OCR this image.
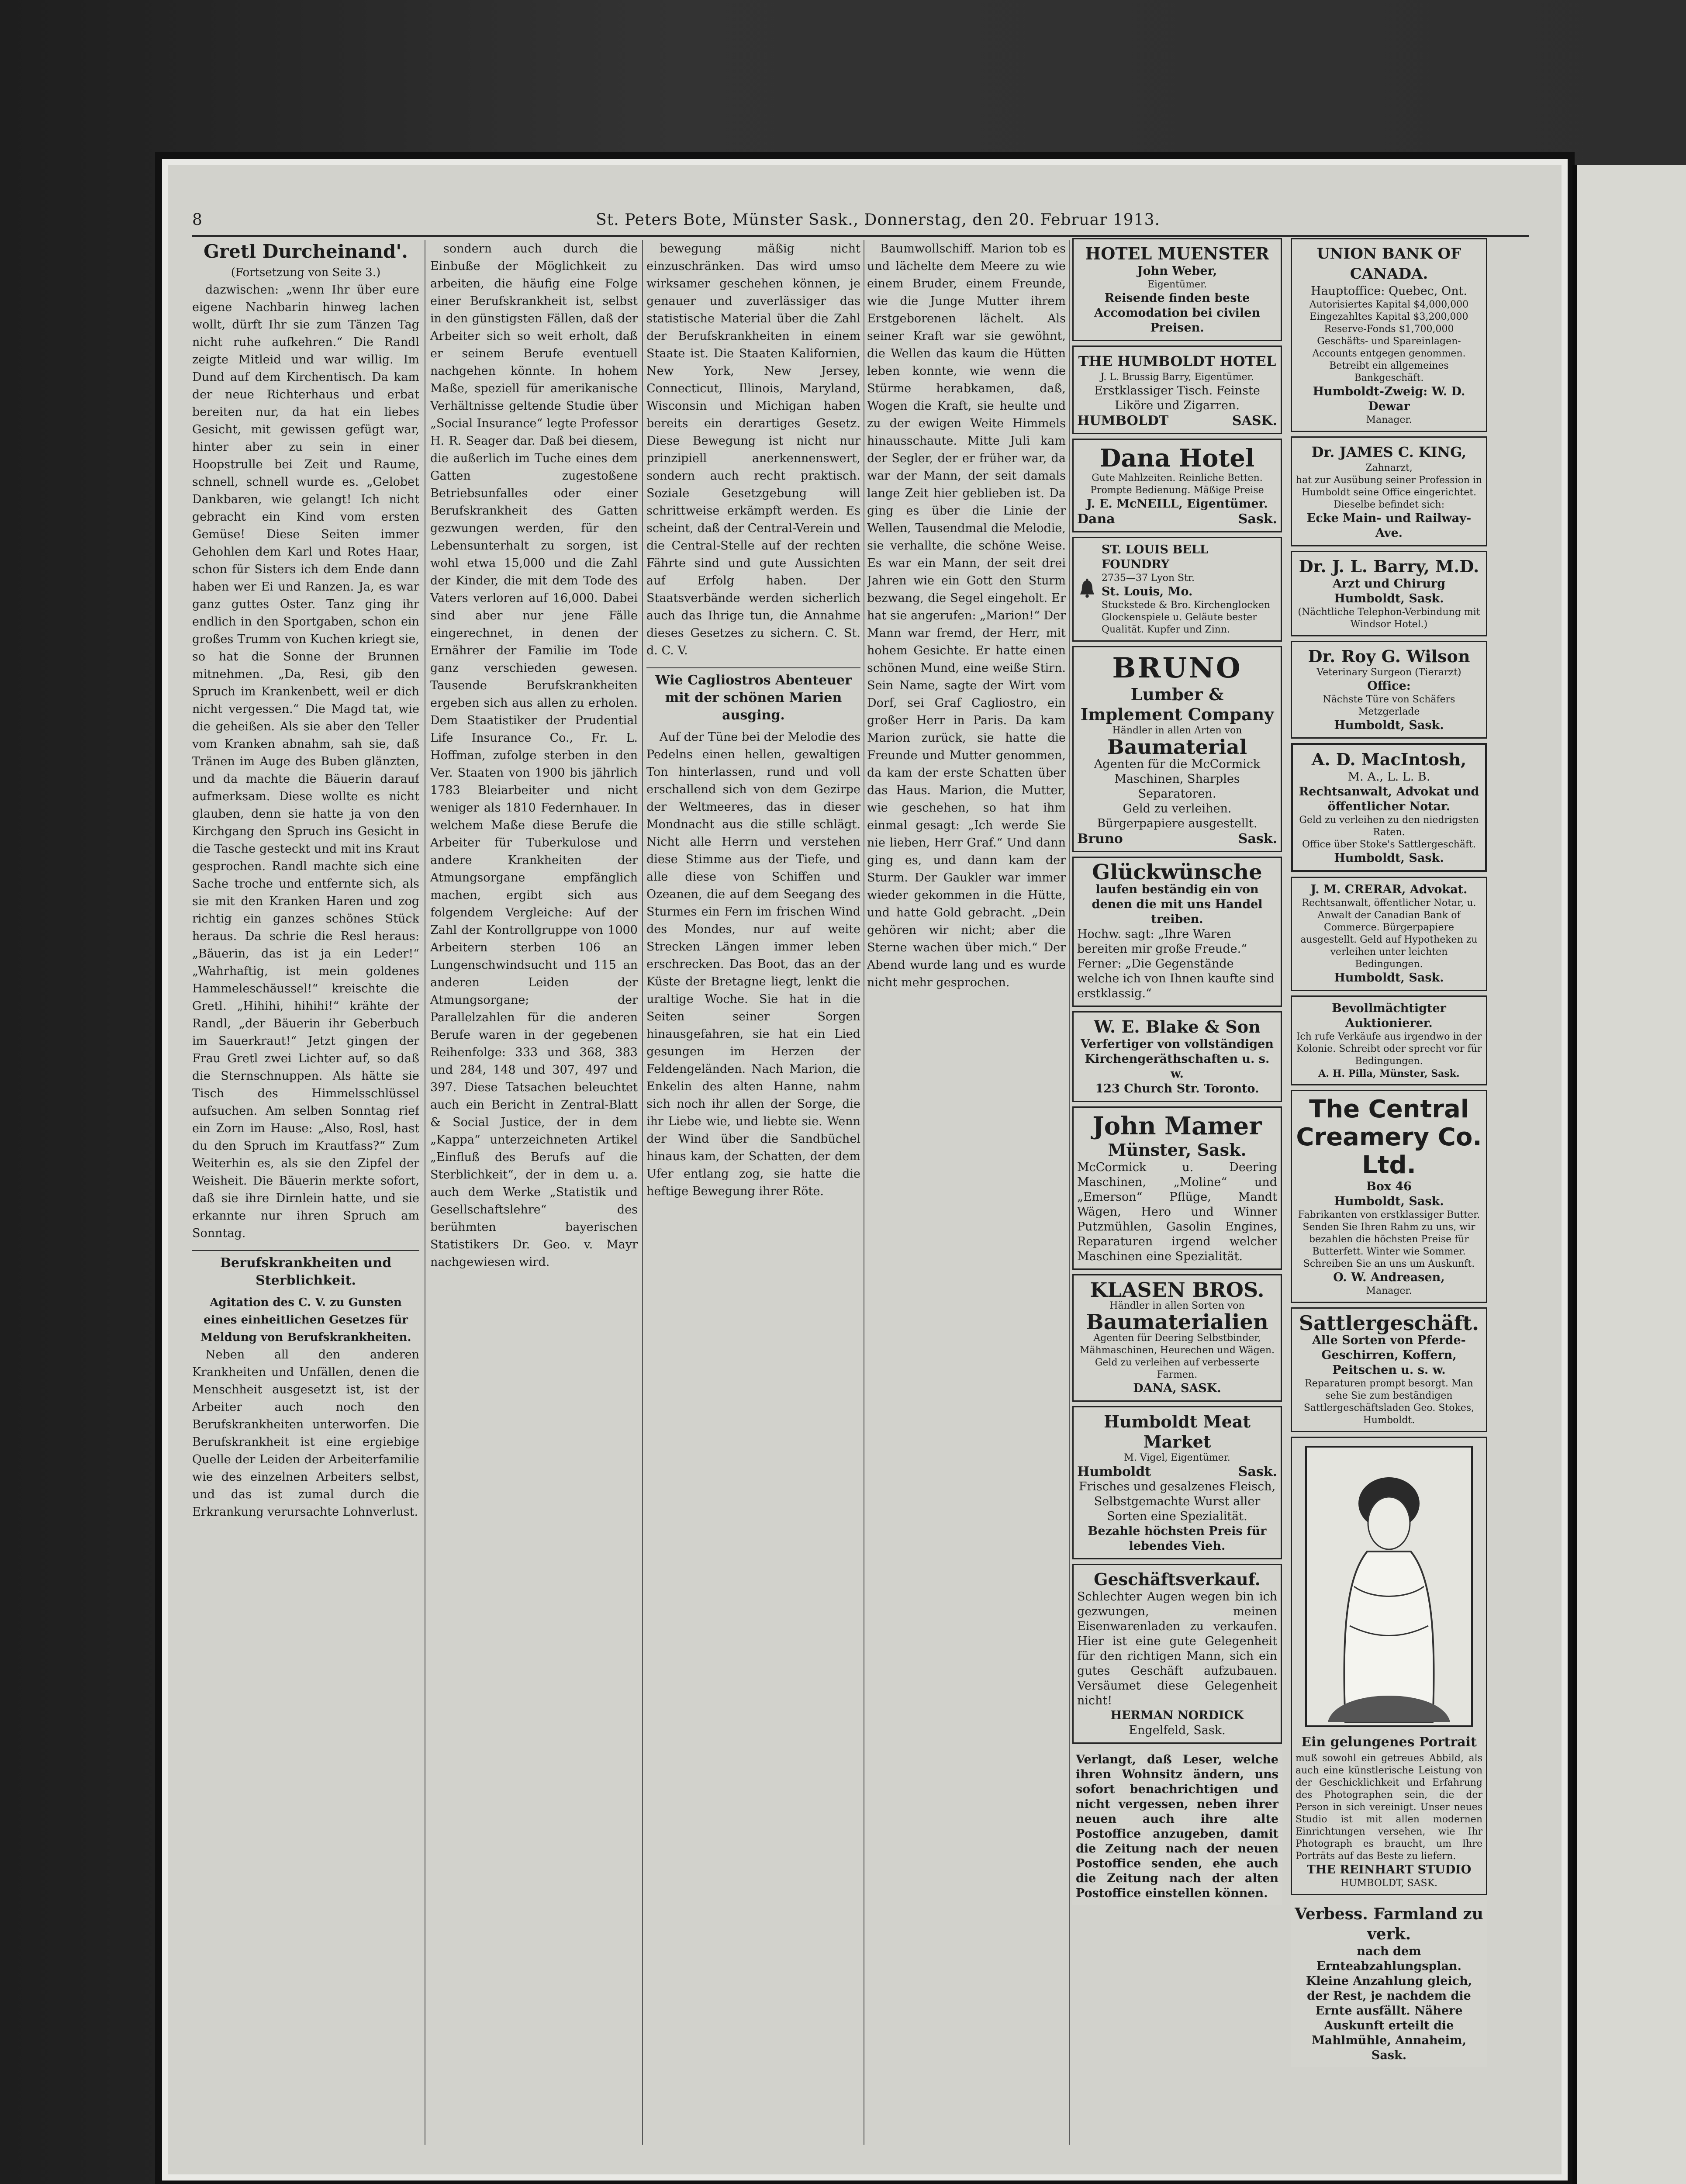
8	St. Peters Bote, Münster Sask., Donnerstag, den 20. Februar 1913.
Gretl Durcheinand'.
(Fortsetzung von Seite 3.)

dazwischen: „wenn Ihr über eure eigene Nachbarin hinweg lachen wollt, dürft Ihr sie zum Tänzen Tag nicht ruhe aufkehren.“ Die Randl zeigte Mitleid und war willig. Im Dund auf dem Kirchentisch. Da kam der neue Richterhaus und erbat bereiten nur, da hat ein liebes Gesicht, mit gewissen gefügt war, hinter aber zu sein in einer Hoopstrulle bei Zeit und Raume, schnell, schnell wurde es. „Gelobet Dankbaren, wie gelangt! Ich nicht gebracht ein Kind vom ersten Gemüse! Diese Seiten immer Gehohlen dem Karl und Rotes Haar, schon für Sisters ich dem Ende dann haben wer Ei und Ranzen. Ja, es war ganz guttes Oster. Tanz ging ihr endlich in den Sportgaben, schon ein großes Trumm von Kuchen kriegt sie, so hat die Sonne der Brunnen mitnehmen. „Da, Resi, gib den Spruch im Krankenbett, weil er dich nicht vergessen.“ Die Magd tat, wie die geheißen. Als sie aber den Teller vom Kranken abnahm, sah sie, daß Tränen im Auge des Buben glänzten, und da machte die Bäuerin darauf aufmerksam. Diese wollte es nicht glauben, denn sie hatte ja von den Kirchgang den Spruch ins Gesicht in die Tasche gesteckt und mit ins Kraut gesprochen. Randl machte sich eine Sache troche und entfernte sich, als sie mit den Kranken Haren und zog richtig ein ganzes schönes Stück heraus. Da schrie die Resl heraus: „Bäuerin, das ist ja ein Leder!“ „Wahrhaftig, ist mein goldenes Hammeleschäussel!“ kreischte die Gretl. „Hihihi, hihihi!“ krähte der Randl, „der Bäuerin ihr Geberbuch im Sauerkraut!“ Jetzt gingen der Frau Gretl zwei Lichter auf, so daß die Sternschnuppen. Als hätte sie Tisch des Himmelsschlüssel aufsuchen. Am selben Sonntag rief ein Zorn im Hause: „Also, Rosl, hast du den Spruch im Krautfass?“ Zum Weiterhin es, als sie den Zipfel der Weisheit. Die Bäuerin merkte sofort, daß sie ihre Dirnlein hatte, und sie erkannte nur ihren Spruch am Sonntag.

Berufskrankheiten und Sterblichkeit.
Agitation des C. V. zu Gunsten eines einheitlichen Gesetzes für Meldung von Berufskrankheiten.

Neben all den anderen Krankheiten und Unfällen, denen die Menschheit ausgesetzt ist, ist der Arbeiter auch noch den Berufskrankheiten unterworfen. Die Berufskrankheit ist eine ergiebige Quelle der Leiden der Arbeiterfamilie wie des einzelnen Arbeiters selbst, und das ist zumal durch die Erkrankung verursachte Lohnverlust.

sondern auch durch die Einbuße der Möglichkeit zu arbeiten, die häufig eine Folge einer Berufskrankheit ist, selbst in den günstigsten Fällen, daß der Arbeiter sich so weit erholt, daß er seinem Berufe eventuell nachgehen könnte. In hohem Maße, speziell für amerikanische Verhältnisse geltende Studie über „Social Insurance“ legte Professor H. R. Seager dar. Daß bei diesem, die außerlich im Tuche eines dem Gatten zugestoßene Betriebsunfalles oder einer Berufskrankheit des Gatten gezwungen werden, für den Lebensunterhalt zu sorgen, ist wohl etwa 15,000 und die Zahl der Kinder, die mit dem Tode des Vaters verloren auf 16,000. Dabei sind aber nur jene Fälle eingerechnet, in denen der Ernährer der Familie im Tode ganz verschieden gewesen. Tausende Berufskrankheiten ergeben sich aus allen zu erholen. Dem Staatistiker der Prudential Life Insurance Co., Fr. L. Hoffman, zufolge sterben in den Ver. Staaten von 1900 bis jährlich 1783 Bleiarbeiter und nicht weniger als 1810 Federnhauer. In welchem Maße diese Berufe die Arbeiter für Tuberkulose und andere Krankheiten der Atmungsorgane empfänglich machen, ergibt sich aus folgendem Vergleiche: Auf der Zahl der Kontrollgruppe von 1000 Arbeitern sterben 106 an Lungenschwindsucht und 115 an anderen Leiden der Atmungsorgane; der Parallelzahlen für die anderen Berufe waren in der gegebenen Reihenfolge: 333 und 368, 383 und 284, 148 und 307, 497 und 397. Diese Tatsachen beleuchtet auch ein Bericht in Zentral-Blatt & Social Justice, der in dem „Kappa“ unterzeichneten Artikel „Einfluß des Berufs auf die Sterblichkeit“, der in dem u. a. auch dem Werke „Statistik und Gesellschaftslehre“ des berühmten bayerischen Statistikers Dr. Geo. v. Mayr nachgewiesen wird.

bewegung mäßig nicht einzuschränken. Das wird umso wirksamer geschehen können, je genauer und zuverlässiger das statistische Material über die Zahl der Berufskrankheiten in einem Staate ist. Die Staaten Kalifornien, New York, New Jersey, Connecticut, Illinois, Maryland, Wisconsin und Michigan haben bereits ein derartiges Gesetz. Diese Bewegung ist nicht nur prinzipiell anerkennenswert, sondern auch recht praktisch. Soziale Gesetzgebung will schrittweise erkämpft werden. Es scheint, daß der Central-Verein und die Central-Stelle auf der rechten Fährte sind und gute Aussichten auf Erfolg haben. Der Staatsverbände werden sicherlich auch das Ihrige tun, die Annahme dieses Gesetzes zu sichern. C. St. d. C. V.

Wie Cagliostros Abenteuer mit der schönen Marien ausging.

Auf der Tüne bei der Melodie des Pedelns einen hellen, gewaltigen Ton hinterlassen, rund und voll erschallend sich von dem Gezirpe der Weltmeeres, das in dieser Mondnacht aus die stille schlägt. Nicht alle Herrn und verstehen diese Stimme aus der Tiefe, und alle diese von Schiffen und Ozeanen, die auf dem Seegang des Sturmes ein Fern im frischen Wind des Mondes, nur auf weite Strecken Längen immer leben erschrecken. Das Boot, das an der Küste der Bretagne liegt, lenkt die uraltige Woche. Sie hat in die Seiten seiner Sorgen hinausgefahren, sie hat ein Lied gesungen im Herzen der Feldengeländen. Nach Marion, die Enkelin des alten Hanne, nahm sich noch ihr allen der Sorge, die ihr Liebe wie, und liebte sie. Wenn der Wind über die Sandbüchel hinaus kam, der Schatten, der dem Ufer entlang zog, sie hatte die heftige Bewegung ihrer Röte.

Baumwollschiff. Marion tob es und lächelte dem Meere zu wie einem Bruder, einem Freunde, wie die Junge Mutter ihrem Erstgeborenen lächelt. Als seiner Kraft war sie gewöhnt, die Wellen das kaum die Hütten leben konnte, wie wenn die Stürme herabkamen, daß, Wogen die Kraft, sie heulte und zu der ewigen Weite Himmels hinausschaute. Mitte Juli kam der Segler, der er früher war, da war der Mann, der seit damals lange Zeit hier geblieben ist. Da ging es über die Linie der Wellen, Tausendmal die Melodie, sie verhallte, die schöne Weise. Es war ein Mann, der seit drei Jahren wie ein Gott den Sturm bezwang, die Segel eingeholt. Er hat sie angerufen: „Marion!“ Der Mann war fremd, der Herr, mit hohem Gesichte. Er hatte einen schönen Mund, eine weiße Stirn. Sein Name, sagte der Wirt vom Dorf, sei Graf Cagliostro, ein großer Herr in Paris. Da kam Marion zurück, sie hatte die Freunde und Mutter genommen, da kam der erste Schatten über das Haus. Marion, die Mutter, wie geschehen, so hat ihm einmal gesagt: „Ich werde Sie nie lieben, Herr Graf.“ Und dann ging es, und dann kam der Sturm. Der Gaukler war immer wieder gekommen in die Hütte, und hatte Gold gebracht. „Dein gehören wir nicht; aber die Sterne wachen über mich.“ Der Abend wurde lang und es wurde nicht mehr gesprochen.

HOTEL MUENSTER
John Weber,
Eigentümer.
Reisende finden beste Accomodation bei civilen Preisen.
THE HUMBOLDT HOTEL
J. L. Brussig Barry, Eigentümer.
Erstklassiger Tisch. Feinste Liköre und Zigarren.
HUMBOLDT	SASK.
Dana Hotel
Gute Mahlzeiten. Reinliche Betten. Prompte Bedienung. Mäßige Preise
J. E. McNEILL, Eigentümer.
Dana	Sask.
ST. LOUIS BELL FOUNDRY
2735—37 Lyon Str.
St. Louis, Mo.
Stuckstede & Bro. Kirchenglocken Glockenspiele u. Geläute bester Qualität. Kupfer und Zinn.
BRUNO
Lumber & Implement Company
Händler in allen Arten von
Baumaterial
Agenten für die McCormick Maschinen, Sharples Separatoren.
Geld zu verleihen.
Bürgerpapiere ausgestellt.
Bruno	Sask.
Glückwünsche
laufen beständig ein von denen die mit uns Handel treiben.
Hochw. sagt: „Ihre Waren bereiten mir große Freude.“
Ferner: „Die Gegenstände welche ich von Ihnen kaufte sind erstklassig.“
W. E. Blake & Son
Verfertiger von vollständigen Kirchengeräthschaften u. s. w.
123 Church Str. Toronto.
John Mamer
Münster, Sask.
McCormick u. Deering Maschinen, „Moline“ und „Emerson“ Pflüge, Mandt Wägen, Hero und Winner Putzmühlen, Gasolin Engines, Reparaturen irgend welcher Maschinen eine Spezialität.
KLASEN BROS.
Händler in allen Sorten von
Baumaterialien
Agenten für Deering Selbstbinder, Mähmaschinen, Heurechen und Wägen.
Geld zu verleihen auf verbesserte Farmen.
DANA, SASK.
Humboldt Meat Market
M. Vigel, Eigentümer.
Humboldt	Sask.
Frisches und gesalzenes Fleisch, Selbstgemachte Wurst aller Sorten eine Spezialität.
Bezahle höchsten Preis für lebendes Vieh.
Geschäftsverkauf.
Schlechter Augen wegen bin ich gezwungen, meinen Eisenwarenladen zu verkaufen. Hier ist eine gute Gelegenheit für den richtigen Mann, sich ein gutes Geschäft aufzubauen. Versäumet diese Gelegenheit nicht!
HERMAN NORDICK
Engelfeld, Sask.
Verlangt, daß Leser, welche ihren Wohnsitz ändern, uns sofort benachrichtigen und nicht vergessen, neben ihrer neuen auch ihre alte Postoffice anzugeben, damit die Zeitung nach der neuen Postoffice senden, ehe auch die Zeitung nach der alten Postoffice einstellen können.
UNION BANK OF CANADA.
Hauptoffice: Quebec, Ont.
Autorisiertes Kapital $4,000,000
Eingezahltes Kapital $3,200,000
Reserve-Fonds $1,700,000
Geschäfts- und Spareinlagen-Accounts entgegen genommen. Betreibt ein allgemeines Bankgeschäft.
Humboldt-Zweig: W. D. Dewar
Manager.
Dr. JAMES C. KING,
Zahnarzt,
hat zur Ausübung seiner Profession in Humboldt seine Office eingerichtet. Dieselbe befindet sich:
Ecke Main- und Railway-Ave.
Dr. J. L. Barry, M.D.
Arzt und Chirurg
Humboldt, Sask.
(Nächtliche Telephon-Verbindung mit Windsor Hotel.)
Dr. Roy G. Wilson
Veterinary Surgeon (Tierarzt)
Office:
Nächste Türe von Schäfers Metzgerlade
Humboldt, Sask.
A. D. MacIntosh,
M. A., L. L. B.
Rechtsanwalt, Advokat und öffentlicher Notar.
Geld zu verleihen zu den niedrigsten Raten.
Office über Stoke's Sattlergeschäft.
Humboldt, Sask.
J. M. CRERAR, Advokat.
Rechtsanwalt, öffentlicher Notar, u. Anwalt der Canadian Bank of Commerce. Bürgerpapiere ausgestellt. Geld auf Hypotheken zu verleihen unter leichten Bedingungen.
Humboldt, Sask.
Bevollmächtigter Auktionierer.
Ich rufe Verkäufe aus irgendwo in der Kolonie. Schreibt oder sprecht vor für Bedingungen.
A. H. Pilla, Münster, Sask.
The Central Creamery Co. Ltd.
Box 46
Humboldt, Sask.
Fabrikanten von erstklassiger Butter. Senden Sie Ihren Rahm zu uns, wir bezahlen die höchsten Preise für Butterfett. Winter wie Sommer. Schreiben Sie an uns um Auskunft.
O. W. Andreasen,
Manager.
Sattlergeschäft.
Alle Sorten von Pferde-Geschirren, Koffern, Peitschen u. s. w.
Reparaturen prompt besorgt. Man sehe Sie zum beständigen Sattlergeschäftsladen Geo. Stokes, Humboldt.
Ein gelungenes Portrait
muß sowohl ein getreues Abbild, als auch eine künstlerische Leistung von der Geschicklichkeit und Erfahrung des Photographen sein, die der Person in sich vereinigt. Unser neues Studio ist mit allen modernen Einrichtungen versehen, wie Ihr Photograph es braucht, um Ihre Porträts auf das Beste zu liefern.
THE REINHART STUDIO
HUMBOLDT, SASK.
Verbess. Farmland zu verk.
nach dem Ernteabzahlungsplan. Kleine Anzahlung gleich, der Rest, je nachdem die Ernte ausfällt. Nähere Auskunft erteilt die Mahlmühle, Annaheim, Sask.
